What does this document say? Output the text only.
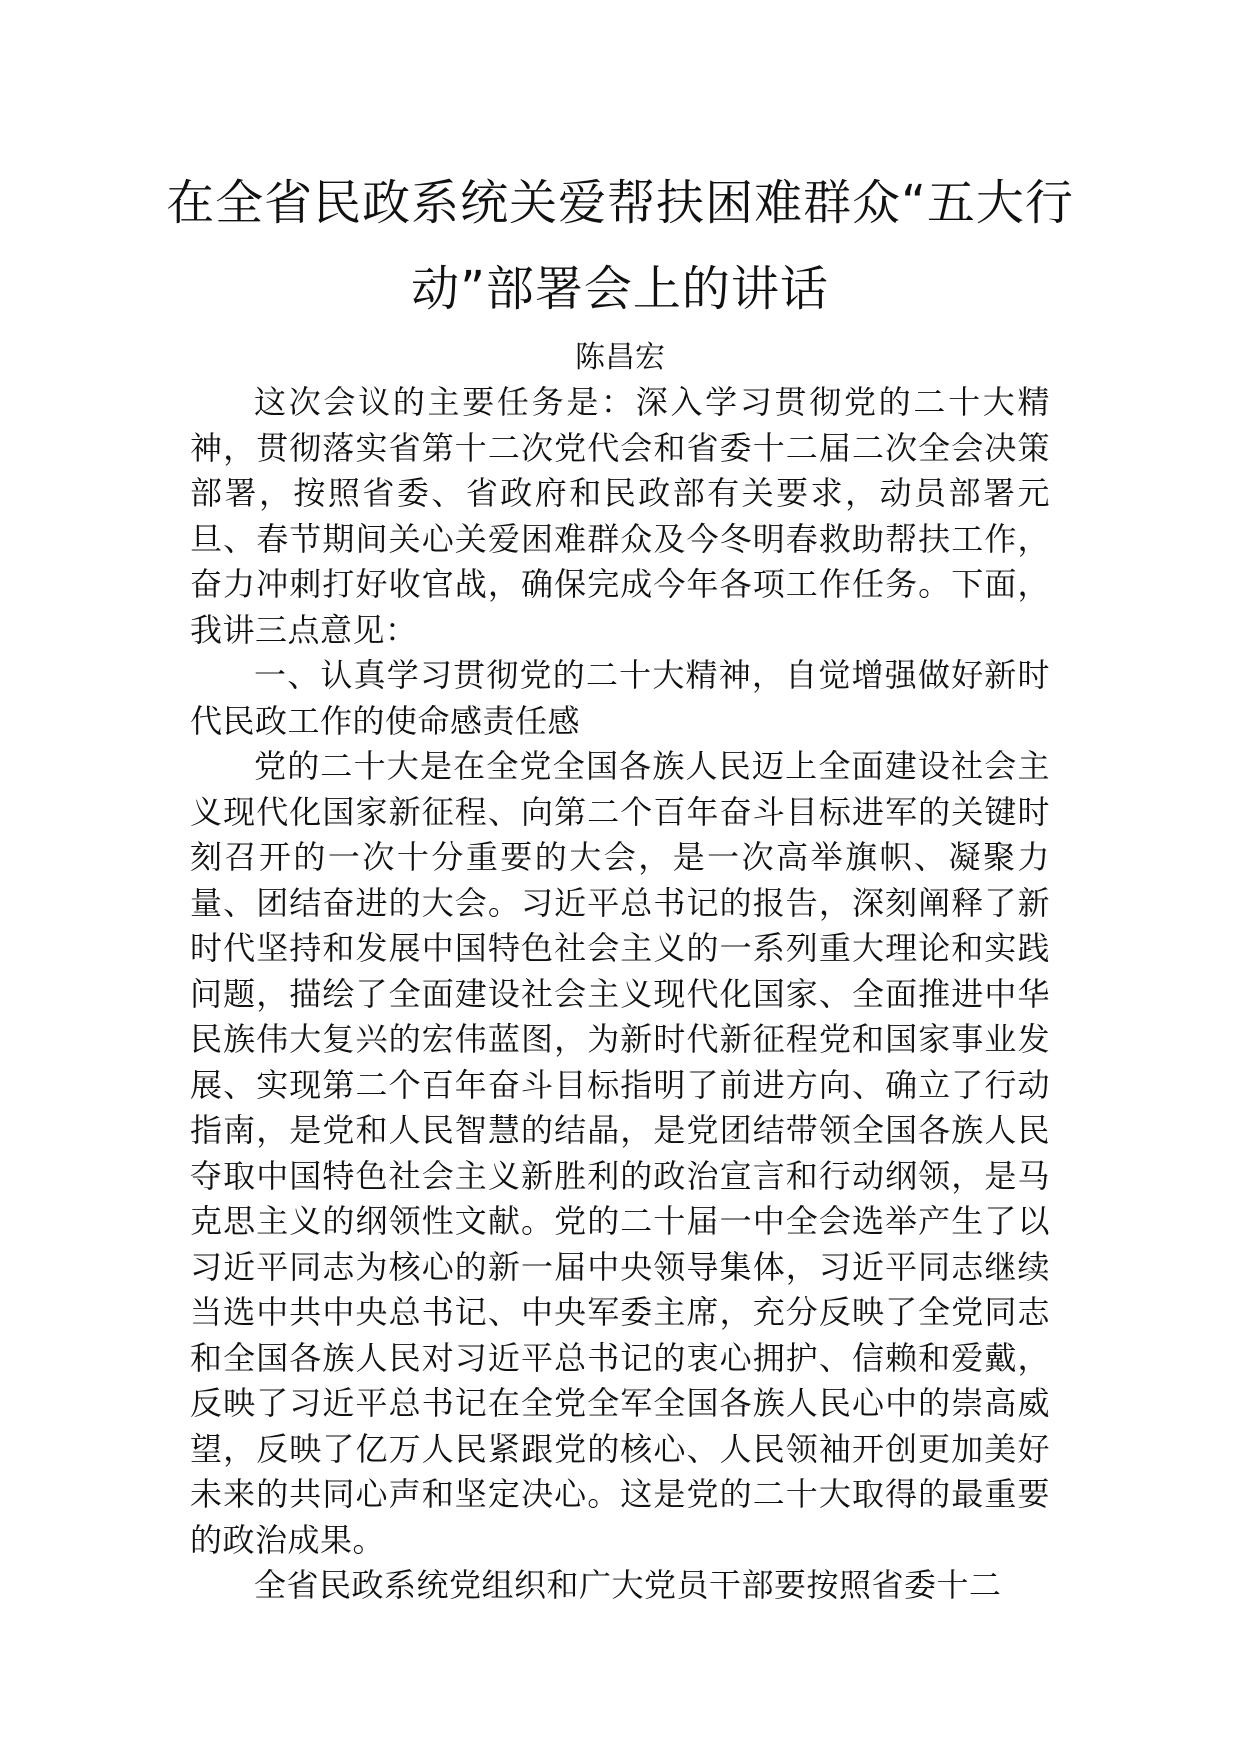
在全省民政系统关爱帮扶困难群众“五大行动”部署会上的讲话
陈昌宏

这次会议的主要任务是：深入学习贯彻党的二十大精神，贯彻落实省第十二次党代会和省委十二届二次全会决策部署，按照省委、省政府和民政部有关要求，动员部署元旦、春节期间关心关爱困难群众及今冬明春救助帮扶工作，奋力冲刺打好收官战，确保完成今年各项工作任务。下面，我讲三点意见：

一、认真学习贯彻党的二十大精神，自觉增强做好新时代民政工作的使命感责任感

党的二十大是在全党全国各族人民迈上全面建设社会主义现代化国家新征程、向第二个百年奋斗目标进军的关键时刻召开的一次十分重要的大会，是一次高举旗帜、凝聚力量、团结奋进的大会。习近平总书记的报告，深刻阐释了新时代坚持和发展中国特色社会主义的一系列重大理论和实践问题，描绘了全面建设社会主义现代化国家、全面推进中华民族伟大复兴的宏伟蓝图，为新时代新征程党和国家事业发展、实现第二个百年奋斗目标指明了前进方向、确立了行动指南，是党和人民智慧的结晶，是党团结带领全国各族人民夺取中国特色社会主义新胜利的政治宣言和行动纲领，是马克思主义的纲领性文献。党的二十届一中全会选举产生了以习近平同志为核心的新一届中央领导集体，习近平同志继续当选中共中央总书记、中央军委主席，充分反映了全党同志和全国各族人民对习近平总书记的衷心拥护、信赖和爱戴，反映了习近平总书记在全党全军全国各族人民心中的崇高威望，反映了亿万人民紧跟党的核心、人民领袖开创更加美好未来的共同心声和坚定决心。这是党的二十大取得的最重要的政治成果。

全省民政系统党组织和广大党员干部要按照省委十二
